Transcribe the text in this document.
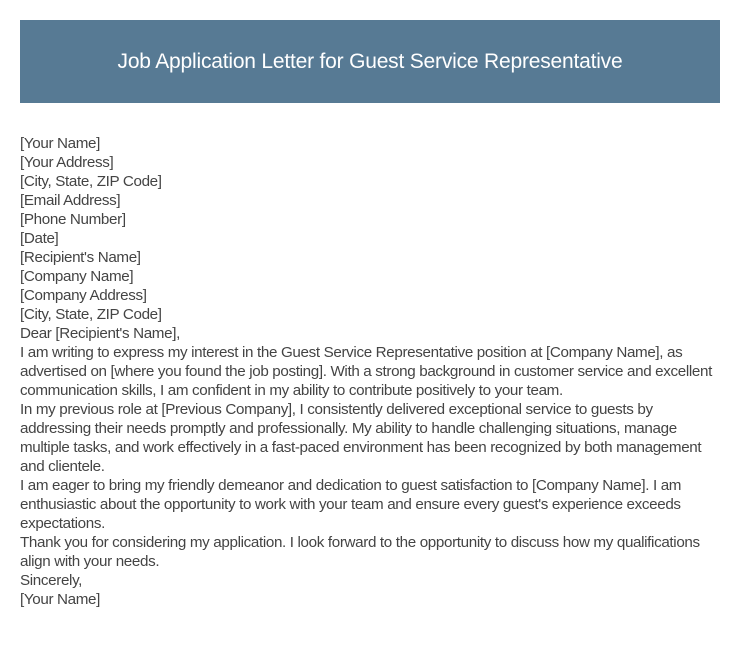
Job Application Letter for Guest Service Representative
[Your Name]
[Your Address]
[City, State, ZIP Code]
[Email Address]
[Phone Number]
[Date]
[Recipient's Name]
[Company Name]
[Company Address]
[City, State, ZIP Code]
Dear [Recipient's Name],

I am writing to express my interest in the Guest Service Representative position at [Company Name], as advertised on [where you found the job posting]. With a strong background in customer service and excellent communication skills, I am confident in my ability to contribute positively to your team.

In my previous role at [Previous Company], I consistently delivered exceptional service to guests by addressing their needs promptly and professionally. My ability to handle challenging situations, manage multiple tasks, and work effectively in a fast-paced environment has been recognized by both management and clientele.

I am eager to bring my friendly demeanor and dedication to guest satisfaction to [Company Name]. I am enthusiastic about the opportunity to work with your team and ensure every guest's experience exceeds expectations.

Thank you for considering my application. I look forward to the opportunity to discuss how my qualifications align with your needs.

Sincerely,
[Your Name]
